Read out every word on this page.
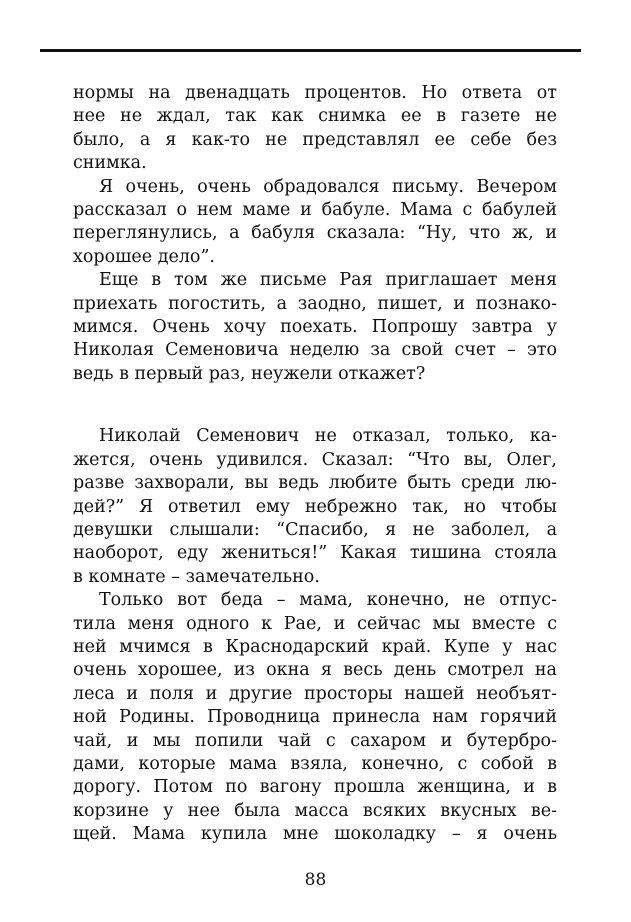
нормы на двенадцать процентов. Но ответа от
нее не ждал, так как снимка ее в газете не
было, а я как-то не представлял ее себе без
снимка.

Я очень, очень обрадовался письму. Вечером
рассказал о нем маме и бабуле. Мама с бабулей
переглянулись, а бабуля сказала: “Ну, что ж, и
хорошее дело”.

Еще в том же письме Рая приглашает меня
приехать погостить, а заодно, пишет, и познако-
мимся. Очень хочу поехать. Попрошу завтра у
Николая Семеновича неделю за свой счет – это
ведь в первый раз, неужели откажет?

Николай Семенович не отказал, только, ка-
жется, очень удивился. Сказал: “Что вы, Олег,
разве захворали, вы ведь любите быть среди лю-
дей?” Я ответил ему небрежно так, но чтобы
девушки слышали: “Спасибо, я не заболел, а
наоборот, еду жениться!” Какая тишина стояла
в комнате – замечательно.

Только вот беда – мама, конечно, не отпус-
тила меня одного к Рае, и сейчас мы вместе с
ней мчимся в Краснодарский край. Купе у нас
очень хорошее, из окна я весь день смотрел на
леса и поля и другие просторы нашей необъят-
ной Родины. Проводница принесла нам горячий
чай, и мы попили чай с сахаром и бутербро-
дами, которые мама взяла, конечно, с собой в
дорогу. Потом по вагону прошла женщина, и в
корзине у нее была масса всяких вкусных ве-
щей. Мама купила мне шоколадку – я очень

88
